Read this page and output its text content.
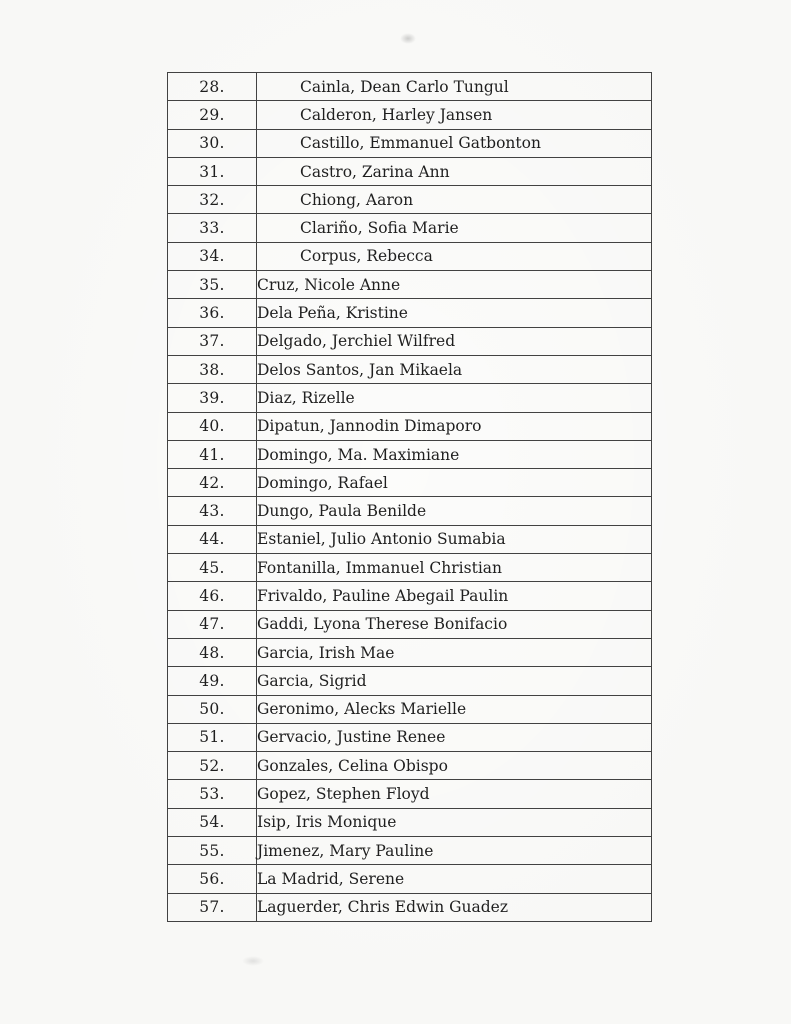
28.	Cainla, Dean Carlo Tungul
29.	Calderon, Harley Jansen
30.	Castillo, Emmanuel Gatbonton
31.	Castro, Zarina Ann
32.	Chiong, Aaron
33.	Clariño, Sofia Marie
34.	Corpus, Rebecca
35.	Cruz, Nicole Anne
36.	Dela Peña, Kristine
37.	Delgado, Jerchiel Wilfred
38.	Delos Santos, Jan Mikaela
39.	Diaz, Rizelle
40.	Dipatun, Jannodin Dimaporo
41.	Domingo, Ma. Maximiane
42.	Domingo, Rafael
43.	Dungo, Paula Benilde
44.	Estaniel, Julio Antonio Sumabia
45.	Fontanilla, Immanuel Christian
46.	Frivaldo, Pauline Abegail Paulin
47.	Gaddi, Lyona Therese Bonifacio
48.	Garcia, Irish Mae
49.	Garcia, Sigrid
50.	Geronimo, Alecks Marielle
51.	Gervacio, Justine Renee
52.	Gonzales, Celina Obispo
53.	Gopez, Stephen Floyd
54.	Isip, Iris Monique
55.	Jimenez, Mary Pauline
56.	La Madrid, Serene
57.	Laguerder, Chris Edwin Guadez
